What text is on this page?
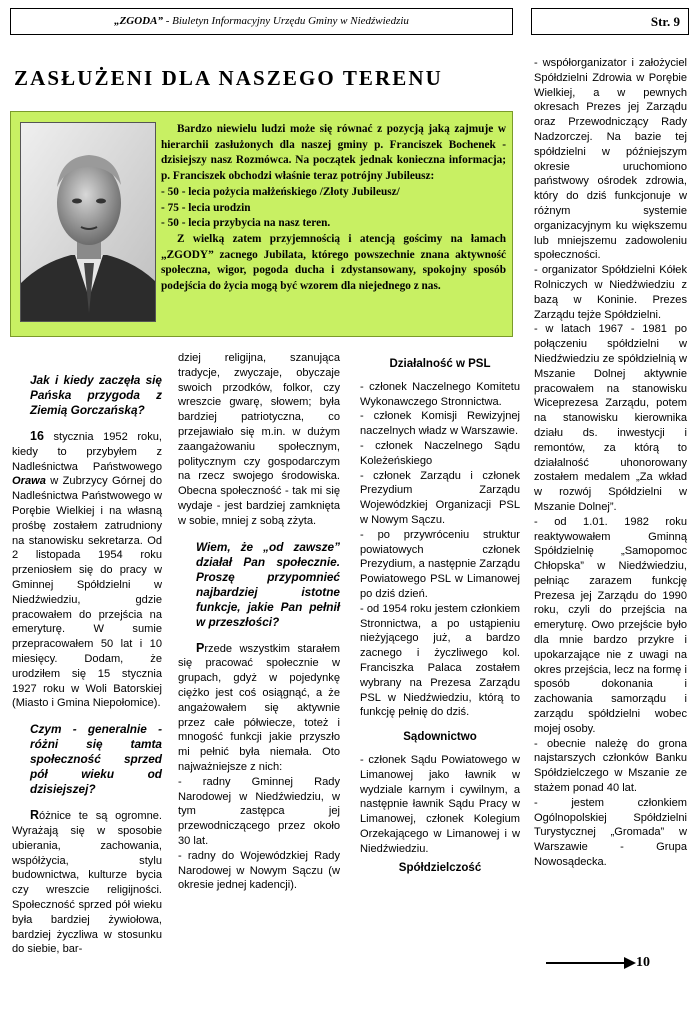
„ZGODA” - Biuletyn Informacyjny Urzędu Gminy w Niedźwiedziu	Str. 9
ZASŁUŻENI DLA NASZEGO TERENU

Bardzo niewielu ludzi może się równać z pozycją jaką zajmuje w hierarchii zasłużonych dla naszej gminy p. Franciszek Bochenek - dzisiejszy nasz Rozmówca. Na początek jednak konieczna informacja; p. Franciszek obchodzi właśnie teraz potrójny Jubileusz:

- 50 - lecia pożycia małżeńskiego /Złoty Jubileusz/

- 75 - lecia urodzin

- 50 - lecia przybycia na nasz teren.

Z wielką zatem przyjemnością i atencją gościmy na łamach „ZGODY” zacnego Jubilata, którego powszechnie znana aktywność społeczna, wigor, pogoda ducha i zdystansowany, spokojny sposób podejścia do życia mogą być wzorem dla niejednego z nas.

Jak i kiedy zaczęła się Pańska przygoda z Ziemią Gorczańską?

16 stycznia 1952 roku, kiedy to przybyłem z Nadleśnictwa Państwowego Orawa w Zubrzycy Górnej do Nadleśnictwa Państwowego w Porębie Wielkiej i na własną prośbę zostałem zatrudniony na stanowisku sekretarza. Od 2 listopada 1954 roku przeniosłem się do pracy w Gminnej Spółdzielni w Niedźwiedziu, gdzie pracowałem do przejścia na emeryturę. W sumie przepracowałem 50 lat i 10 miesięcy. Dodam, że urodziłem się 15 stycznia 1927 roku w Woli Batorskiej (Miasto i Gmina Niepołomice).

Czym - generalnie - różni się tamta społeczność sprzed pół wieku od dzisiejszej?

Różnice te są ogromne. Wyrażają się w sposobie ubierania, zachowania, współżycia, stylu budownictwa, kulturze bycia czy wreszcie religijności. Społeczność sprzed pół wieku była bardziej żywiołowa, bardziej życzliwa w stosunku do siebie, bar-

dziej religijna, szanująca tradycje, zwyczaje, obyczaje swoich przodków, folkor, czy wreszcie gwarę, słowem; była bardziej patriotyczna, co przejawiało się m.in. w dużym zaangażowaniu społecznym, politycznym czy gospodarczym na rzecz swojego środowiska. Obecna społeczność - tak mi się wydaje - jest bardziej zamknięta w sobie, mniej z sobą zżyta.

Wiem, że „od zawsze” działał Pan społecznie. Proszę przypomnieć najbardziej istotne funkcje, jakie Pan pełnił w przeszłości?

Przede wszystkim starałem się pracować społecznie w grupach, gdyż w pojedynkę ciężko jest coś osiągnąć, a że angażowałem się aktywnie przez całe półwiecze, toteż i mnogość funkcji jakie przyszło mi pełnić była niemała. Oto najważniejsze z nich:

- radny Gminnej Rady Narodowej w Niedźwiedziu, w tym zastępca jej przewodniczącego przez około 30 lat.

- radny do Wojewódzkiej Rady Narodowej w Nowym Sączu (w okresie jednej kadencji).

Działalność w PSL
- członek Naczelnego Komitetu Wykonawczego Stronnictwa.
- członek Komisji Rewizyjnej naczelnych władz w Warszawie.
- członek Naczelnego Sądu Koleżeńskiego
- członek Zarządu i członek Prezydium Zarządu Wojewódzkiej Organizacji PSL w Nowym Sączu.
- po przywróceniu struktur powiatowych członek Prezydium, a następnie Zarządu Powiatowego PSL w Limanowej po dziś dzień.
- od 1954 roku jestem członkiem Stronnictwa, a po ustąpieniu nieżyjącego już, a bardzo zacnego i życzliwego kol. Franciszka Palaca zostałem wybrany na Prezesa Zarządu PSL w Niedźwiedziu, którą to funkcję pełnię do dziś.
Sądownictwo
- członek Sądu Powiatowego w Limanowej jako ławnik w wydziale karnym i cywilnym, a następnie ławnik Sądu Pracy w Limanowej, członek Kolegium Orzekającego w Limanowej i w Niedźwiedziu.
Spółdzielczość
- współorganizator i założyciel Spółdzielni Zdrowia w Porębie Wielkiej, a w pewnych okresach Prezes jej Zarządu oraz Przewodniczący Rady Nadzorczej. Na bazie tej spółdzielni w późniejszym okresie uruchomiono państwowy ośrodek zdrowia, który do dziś funkcjonuje w różnym systemie organizacyjnym ku większemu lub mniejszemu zadowoleniu społeczności.
- organizator Spółdzielni Kółek Rolniczych w Niedźwiedziu z bazą w Koninie. Prezes Zarządu tejże Spółdzielni.
- w latach 1967 - 1981 po połączeniu spółdzielni w Niedźwiedziu ze spółdzielnią w Mszanie Dolnej aktywnie pracowałem na stanowisku Wiceprezesa Zarządu, potem na stanowisku kierownika działu ds. inwestycji i remontów, za którą to działalność uhonorowany zostałem medalem „Za wkład w rozwój Spółdzielni w Mszanie Dolnej”.
- od 1.01. 1982 roku reaktywowałem Gminną Spółdzielnię „Samopomoc Chłopska” w Niedźwiedziu, pełniąc zarazem funkcję Prezesa jej Zarządu do 1990 roku, czyli do przejścia na emeryturę. Owo przejście było dla mnie bardzo przykre i upokarzające nie z uwagi na okres przejścia, lecz na formę i sposób dokonania i zachowania samorządu i zarządu spółdzielni wobec mojej osoby.
- obecnie należę do grona najstarszych członków Banku Spółdzielczego w Mszanie ze stażem ponad 40 lat.
- jestem członkiem Ogólnopolskiej Spółdzielni Turystycznej „Gromada” w Warszawie - Grupa Nowosądecka.
10
